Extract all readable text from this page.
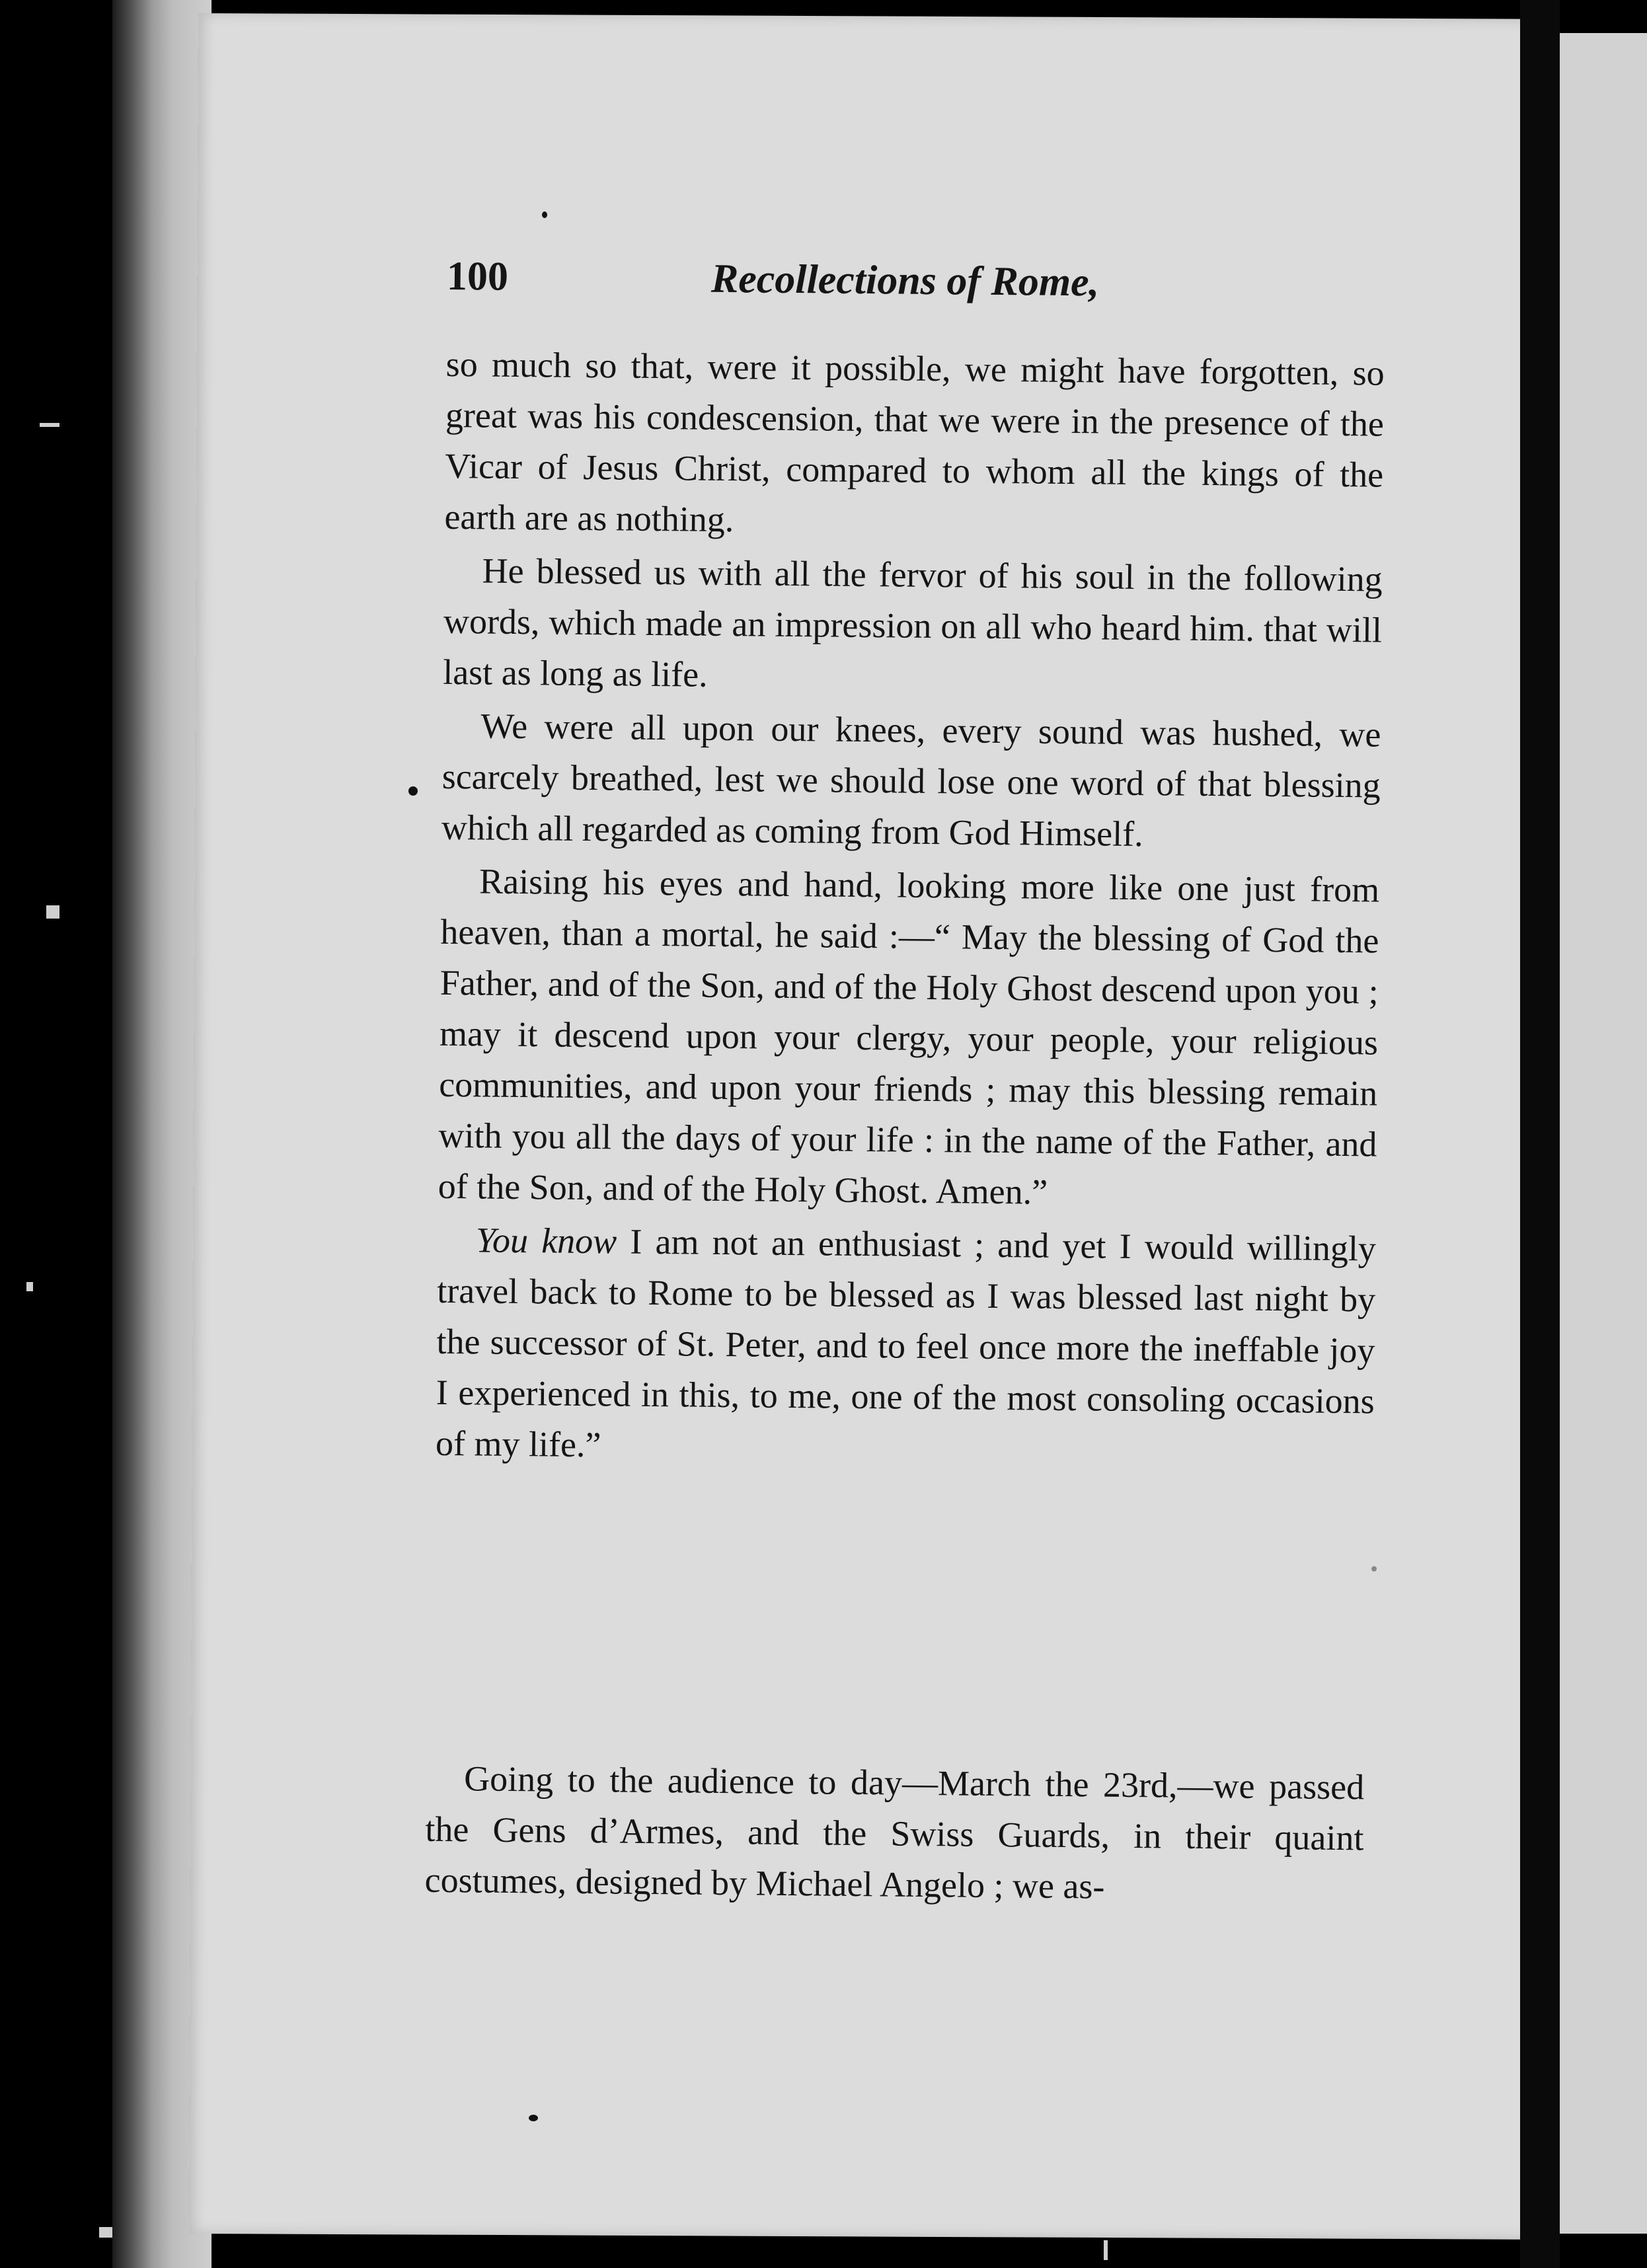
100	Recollections of Rome,

so much so that, were it possible, we might have forgotten, so great was his condescension, that we were in the presence of the Vicar of Jesus Christ, compared to whom all the kings of the earth are as nothing.

He blessed us with all the fervor of his soul in the following words, which made an impression on all who heard him. that will last as long as life.

We were all upon our knees, every sound was hushed, we scarcely breathed, lest we should lose one word of that blessing which all regarded as coming from God Himself.

Raising his eyes and hand, looking more like one just from heaven, than a mortal, he said :—“ May the blessing of God the Father, and of the Son, and of the Holy Ghost descend upon you ; may it descend upon your clergy, your people, your religious communities, and upon your friends ; may this blessing remain with you all the days of your life : in the name of the Father, and of the Son, and of the Holy Ghost. Amen.”

You know I am not an enthusiast ; and yet I would willingly travel back to Rome to be blessed as I was blessed last night by the successor of St. Peter, and to feel once more the ineffable joy I experienced in this, to me, one of the most consoling occasions of my life.”

Going to the audience to day—March the 23rd,—we passed the Gens d’Armes, and the Swiss Guards, in their quaint costumes, designed by Michael Angelo ; we as-
